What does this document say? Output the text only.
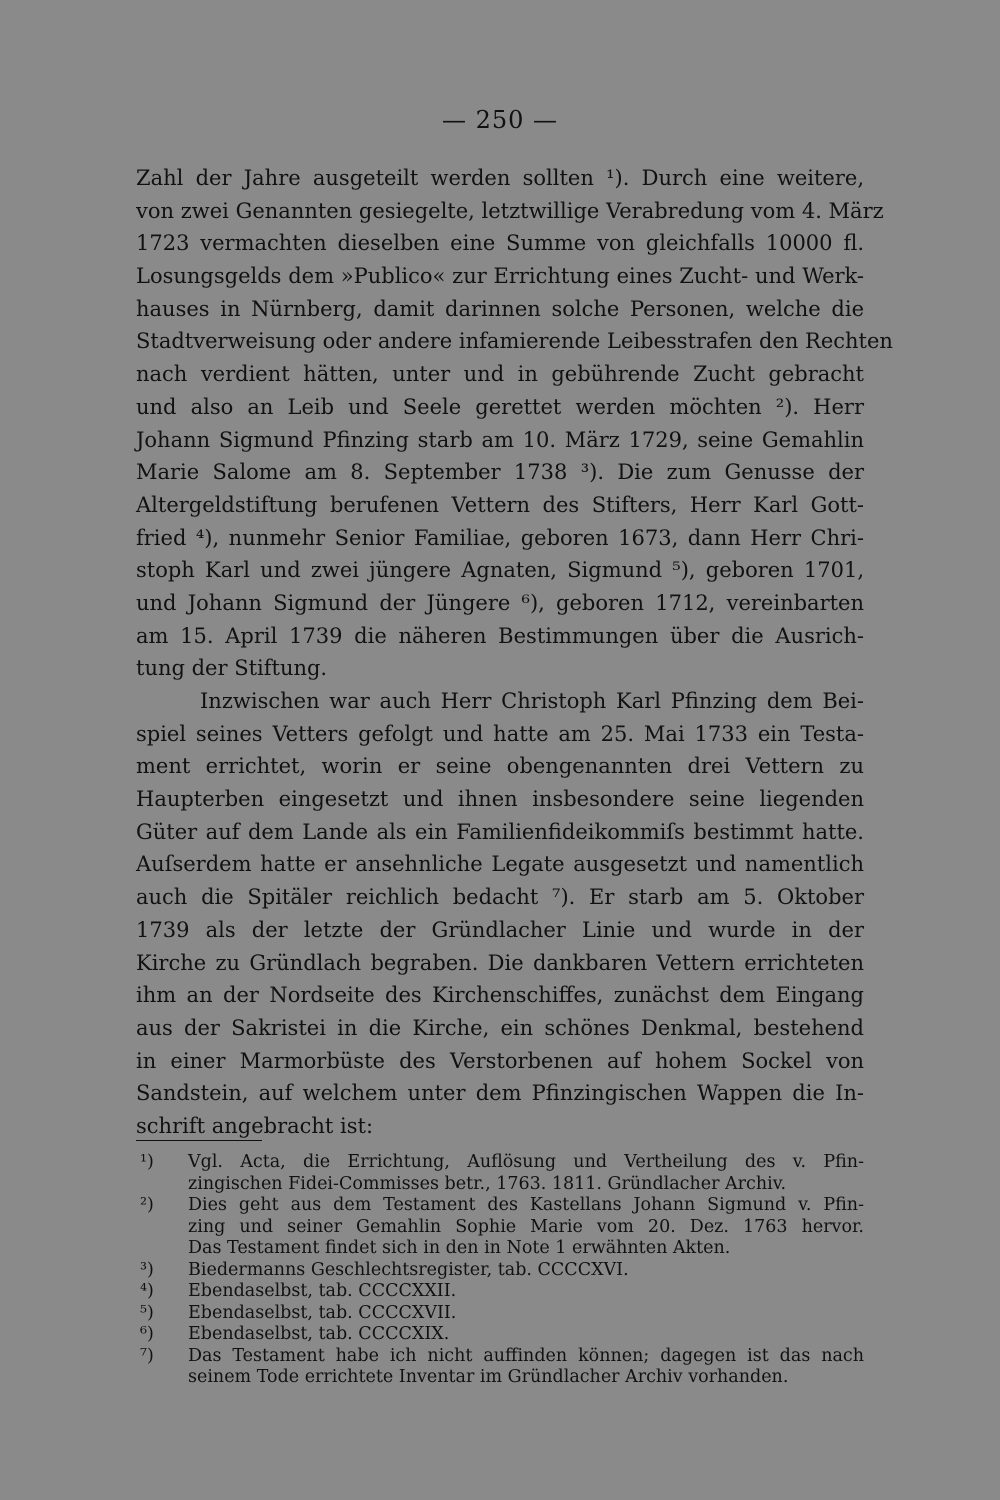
— 250 —
Zahl der Jahre ausgeteilt werden sollten ¹). Durch eine weitere,
von zwei Genannten gesiegelte, letztwillige Verabredung vom 4. März
1723 vermachten dieselben eine Summe von gleichfalls 10000 fl.
Losungsgelds dem »Publico« zur Errichtung eines Zucht- und Werk-
hauses in Nürnberg, damit darinnen solche Personen, welche die
Stadtverweisung oder andere infamierende Leibesstrafen den Rechten
nach verdient hätten, unter und in gebührende Zucht gebracht
und also an Leib und Seele gerettet werden möchten ²). Herr
Johann Sigmund Pfinzing starb am 10. März 1729, seine Gemahlin
Marie Salome am 8. September 1738 ³). Die zum Genusse der
Altergeldstiftung berufenen Vettern des Stifters, Herr Karl Gott-
fried ⁴), nunmehr Senior Familiae, geboren 1673, dann Herr Chri-
stoph Karl und zwei jüngere Agnaten, Sigmund ⁵), geboren 1701,
und Johann Sigmund der Jüngere ⁶), geboren 1712, vereinbarten
am 15. April 1739 die näheren Bestimmungen über die Ausrich-
tung der Stiftung.
Inzwischen war auch Herr Christoph Karl Pfinzing dem Bei-
spiel seines Vetters gefolgt und hatte am 25. Mai 1733 ein Testa-
ment errichtet, worin er seine obengenannten drei Vettern zu
Haupterben eingesetzt und ihnen insbesondere seine liegenden
Güter auf dem Lande als ein Familienfideikommiſs bestimmt hatte.
Auſserdem hatte er ansehnliche Legate ausgesetzt und namentlich
auch die Spitäler reichlich bedacht ⁷). Er starb am 5. Oktober
1739 als der letzte der Gründlacher Linie und wurde in der
Kirche zu Gründlach begraben. Die dankbaren Vettern errichteten
ihm an der Nordseite des Kirchenschiffes, zunächst dem Eingang
aus der Sakristei in die Kirche, ein schönes Denkmal, bestehend
in einer Marmorbüste des Verstorbenen auf hohem Sockel von
Sandstein, auf welchem unter dem Pfinzingischen Wappen die In-
schrift angebracht ist:
¹)	Vgl. Acta, die Errichtung, Auflösung und Vertheilung des v. Pfin-
zingischen Fidei-Commisses betr., 1763. 1811. Gründlacher Archiv.
²)	Dies geht aus dem Testament des Kastellans Johann Sigmund v. Pfin-
zing und seiner Gemahlin Sophie Marie vom 20. Dez. 1763 hervor.
Das Testament findet sich in den in Note 1 erwähnten Akten.
³)	Biedermanns Geschlechtsregister, tab. CCCCXVI.
⁴)	Ebendaselbst, tab. CCCCXXII.
⁵)	Ebendaselbst, tab. CCCCXVII.
⁶)	Ebendaselbst, tab. CCCCXIX.
⁷)	Das Testament habe ich nicht auffinden können; dagegen ist das nach
seinem Tode errichtete Inventar im Gründlacher Archiv vorhanden.
